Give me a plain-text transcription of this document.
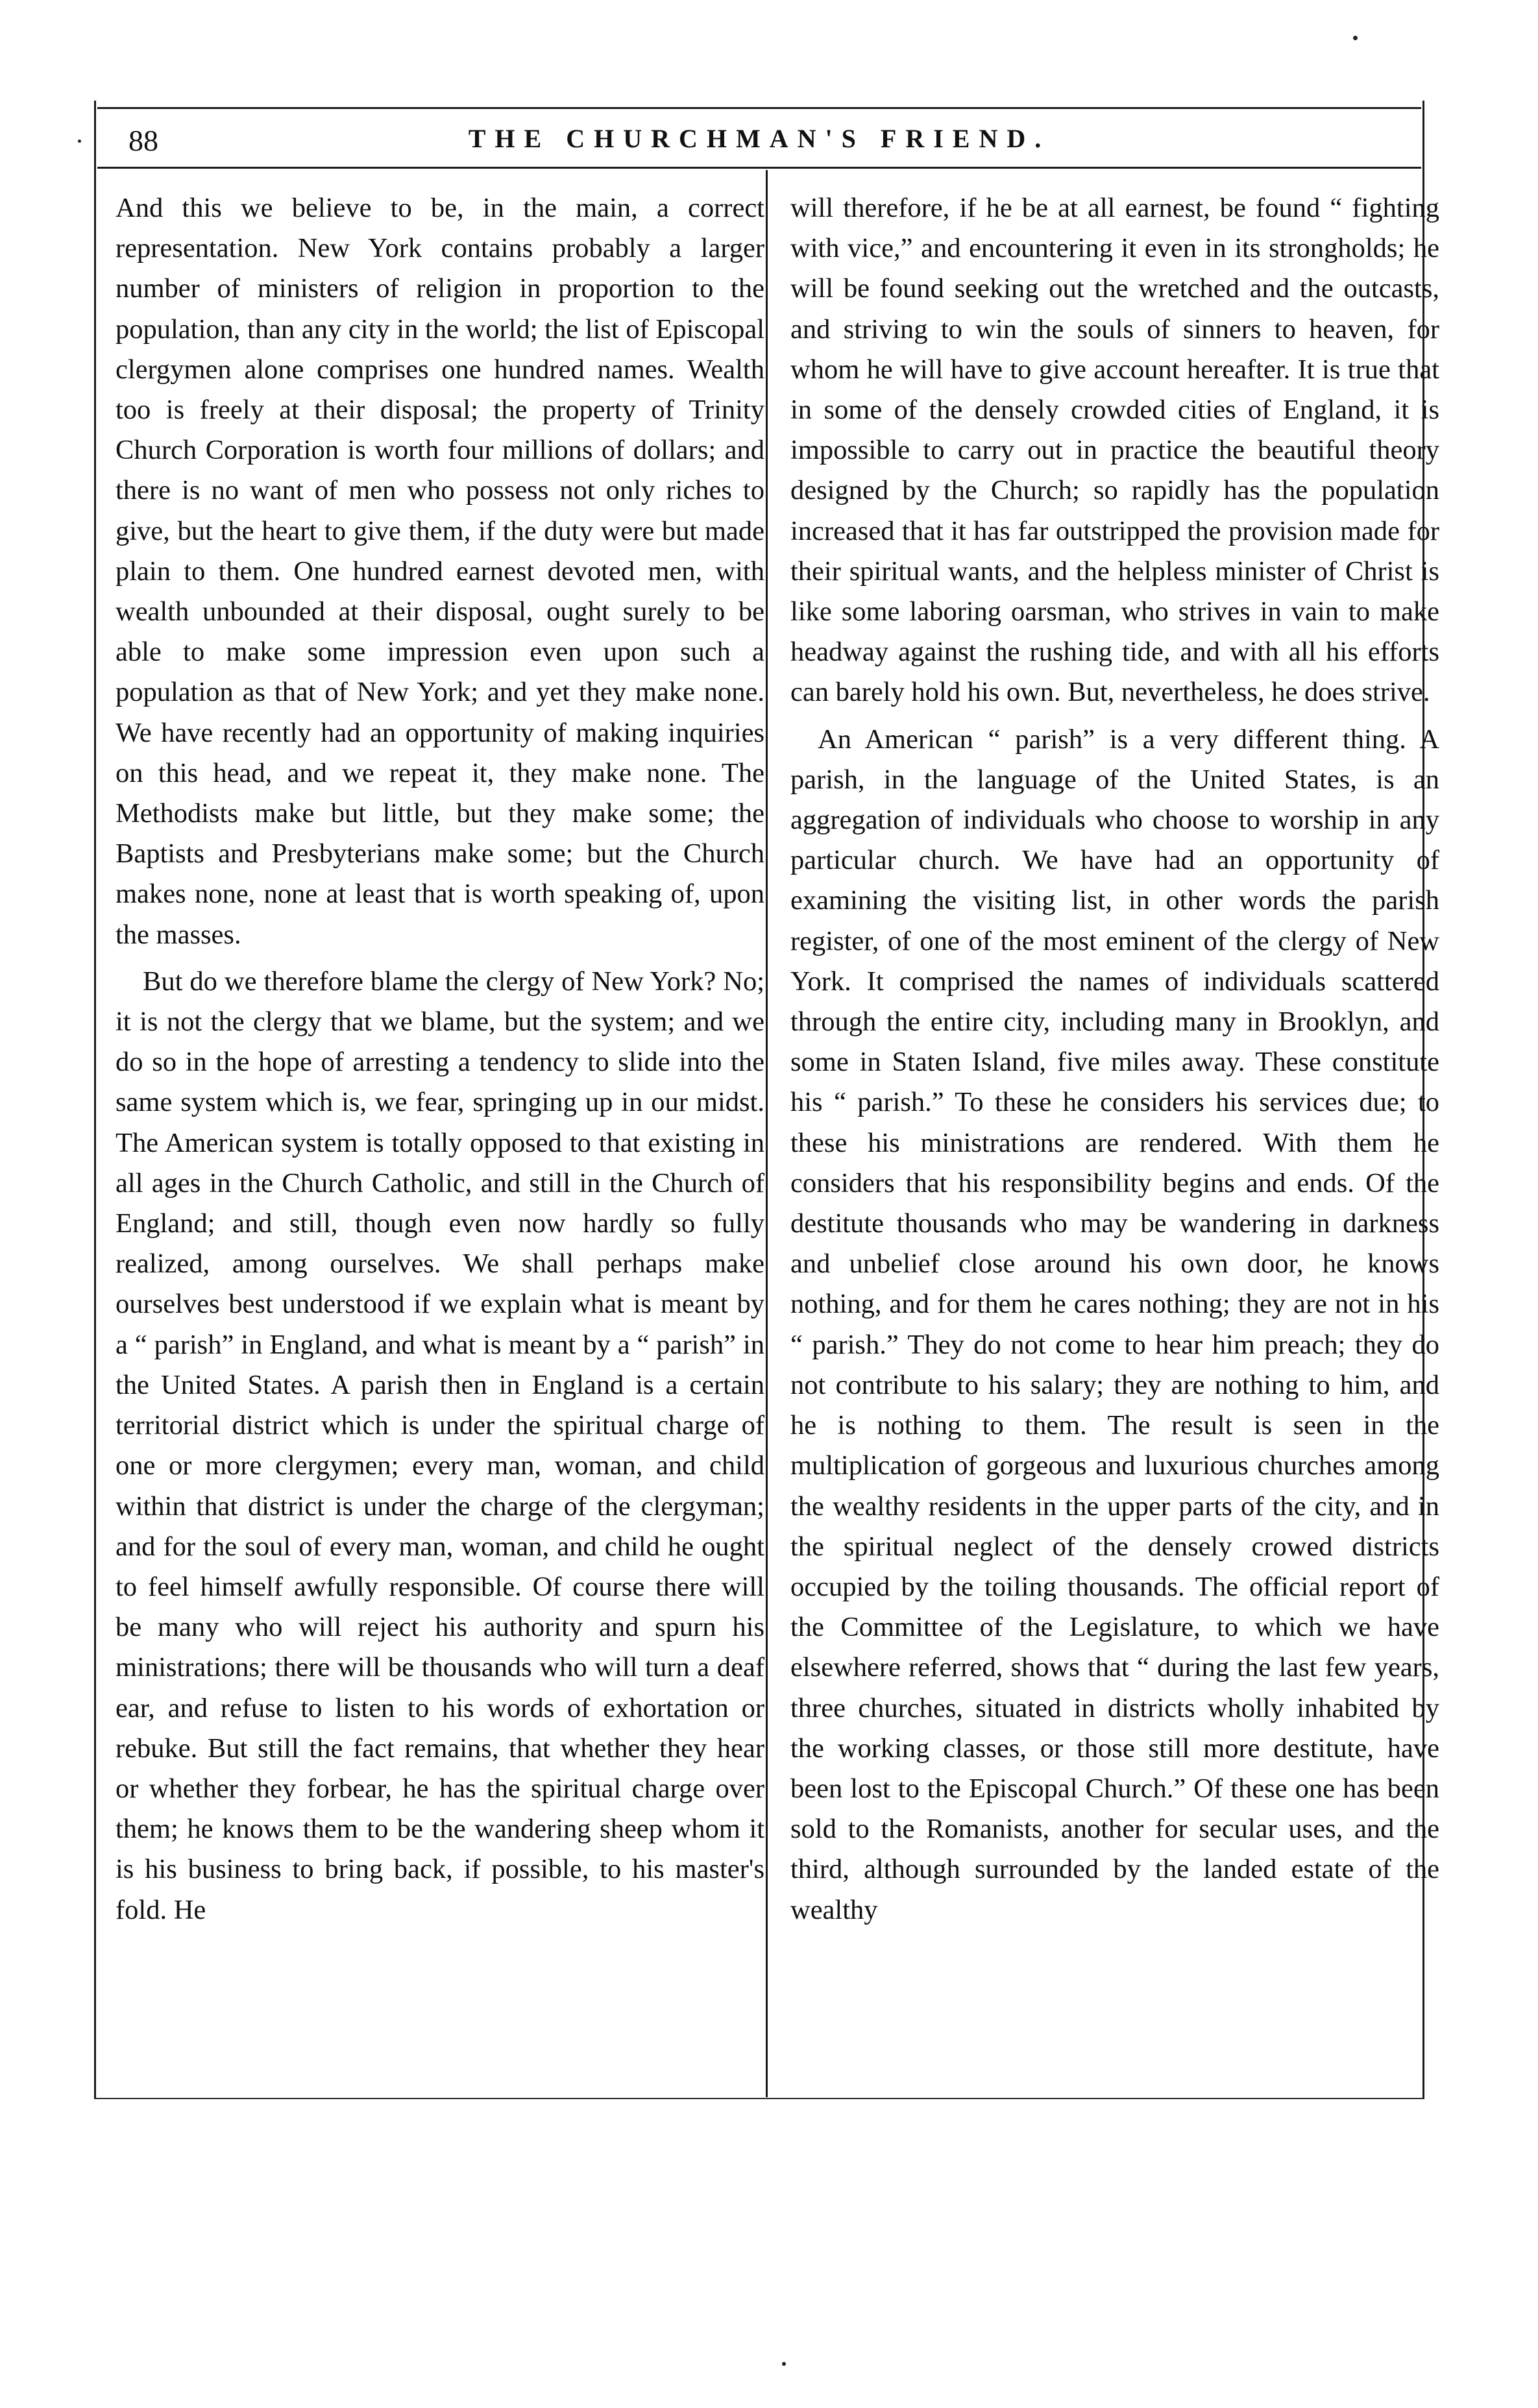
88	THE CHURCHMAN'S FRIEND.

And this we believe to be, in the main, a correct representation. New York contains probably a larger number of ministers of religion in proportion to the population, than any city in the world; the list of Episcopal clergymen alone comprises one hundred names. Wealth too is freely at their disposal; the property of Trinity Church Corporation is worth four millions of dollars; and there is no want of men who possess not only riches to give, but the heart to give them, if the duty were but made plain to them. One hundred earnest devoted men, with wealth unbounded at their disposal, ought surely to be able to make some impression even upon such a population as that of New York; and yet they make none. We have recently had an opportunity of making inquiries on this head, and we repeat it, they make none. The Methodists make but little, but they make some; the Baptists and Presbyterians make some; but the Church makes none, none at least that is worth speaking of, upon the masses.

But do we therefore blame the clergy of New York? No; it is not the clergy that we blame, but the system; and we do so in the hope of arresting a tendency to slide into the same system which is, we fear, springing up in our midst. The American system is totally opposed to that existing in all ages in the Church Catholic, and still in the Church of England; and still, though even now hardly so fully realized, among ourselves. We shall perhaps make ourselves best understood if we explain what is meant by a “ parish” in England, and what is meant by a “ parish” in the United States. A parish then in England is a certain territorial district which is under the spiritual charge of one or more clergymen; every man, woman, and child within that district is under the charge of the clergyman; and for the soul of every man, woman, and child he ought to feel himself awfully responsible. Of course there will be many who will reject his authority and spurn his ministrations; there will be thousands who will turn a deaf ear, and refuse to listen to his words of exhortation or rebuke. But still the fact remains, that whether they hear or whether they forbear, he has the spiritual charge over them; he knows them to be the wandering sheep whom it is his business to bring back, if possible, to his master's fold. He

will therefore, if he be at all earnest, be found “ fighting with vice,” and encountering it even in its strongholds; he will be found seeking out the wretched and the outcasts, and striving to win the souls of sinners to heaven, for whom he will have to give account hereafter. It is true that in some of the densely crowded cities of England, it is impossible to carry out in practice the beautiful theory designed by the Church; so rapidly has the population increased that it has far outstripped the provision made for their spiritual wants, and the helpless minister of Christ is like some laboring oarsman, who strives in vain to make headway against the rushing tide, and with all his efforts can barely hold his own. But, nevertheless, he does strive.

An American “ parish” is a very different thing. A parish, in the language of the United States, is an aggregation of individuals who choose to worship in any particular church. We have had an opportunity of examining the visiting list, in other words the parish register, of one of the most eminent of the clergy of New York. It comprised the names of individuals scattered through the entire city, including many in Brooklyn, and some in Staten Island, five miles away. These constitute his “ parish.” To these he considers his services due; to these his ministrations are rendered. With them he considers that his responsibility begins and ends. Of the destitute thousands who may be wandering in darkness and unbelief close around his own door, he knows nothing, and for them he cares nothing; they are not in his “ parish.” They do not come to hear him preach; they do not contribute to his salary; they are nothing to him, and he is nothing to them. The result is seen in the multiplication of gorgeous and luxurious churches among the wealthy residents in the upper parts of the city, and in the spiritual neglect of the densely crowed districts occupied by the toiling thousands. The official report of the Committee of the Legislature, to which we have elsewhere referred, shows that “ during the last few years, three churches, situated in districts wholly inhabited by the working classes, or those still more destitute, have been lost to the Episcopal Church.” Of these one has been sold to the Romanists, another for secular uses, and the third, although surrounded by the landed estate of the wealthy
